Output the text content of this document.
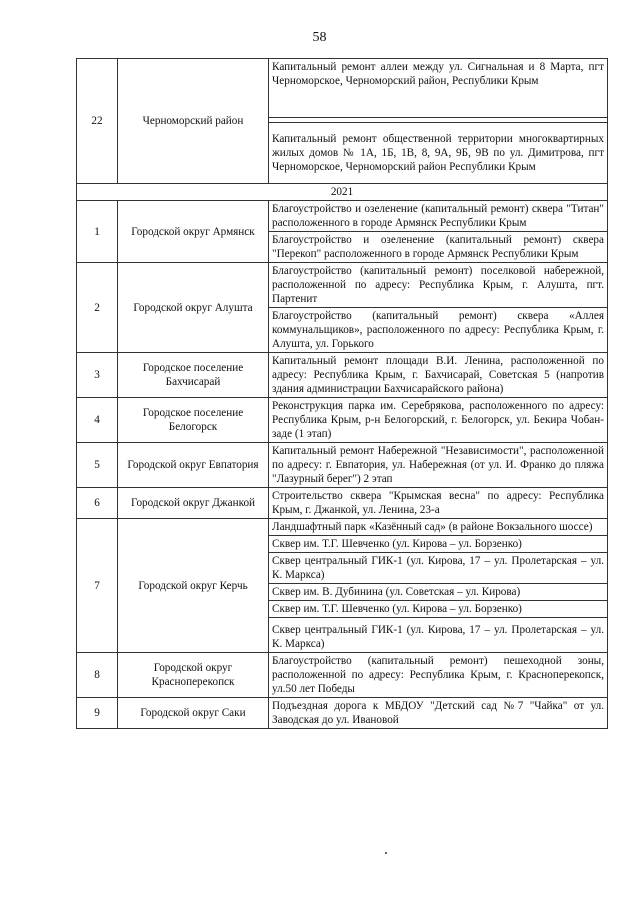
58
22	Черноморский район	Капитальный ремонт аллеи между ул. Сигнальная и 8 Марта, пгт Черноморское, Черноморский район, Республики Крым

		Капитальный ремонт общественной территории многоквартирных жилых домов № 1А, 1Б, 1В, 8, 9А, 9Б, 9В по ул. Димитрова, пгт Черноморское, Черноморский район Республики Крым
2021		
1	Городской округ Армянск	Благоустройство и озеленение (капитальный ремонт) сквера "Титан" расположенного в городе Армянск Республики Крым
		Благоустройство и озеленение (капитальный ремонт) сквера "Перекоп" расположенного в городе Армянск Республики Крым
2	Городской округ Алушта	Благоустройство (капитальный ремонт) поселковой набережной, расположенной по адресу: Республика Крым, г. Алушта, пгт. Партенит
		Благоустройство (капитальный ремонт) сквера «Аллея коммунальщиков», расположенного по адресу: Республика Крым, г. Алушта, ул. Горького
3	Городское поселение Бахчисарай	Капитальный ремонт площади В.И. Ленина, расположенной по адресу: Республика Крым, г. Бахчисарай, Советская 5 (напротив здания администрации Бахчисарайского района)
4	Городское поселение Белогорск	Реконструкция парка им. Серебрякова, расположенного по адресу: Республика Крым, р-н Белогорский, г. Белогорск, ул. Бекира Чобан-заде (1 этап)
5	Городской округ Евпатория	Капитальный ремонт Набережной "Независимости", расположенной по адресу: г. Евпатория, ул. Набережная (от ул. И. Франко до пляжа "Лазурный берег") 2 этап
6	Городской округ Джанкой	Строительство сквера "Крымская весна" по адресу: Республика Крым, г. Джанкой, ул. Ленина, 23-а
7	Городской округ Керчь	Ландшафтный парк «Казённый сад» (в районе Вокзального шоссе)
		Сквер им. Т.Г. Шевченко (ул. Кирова – ул. Борзенко)
		Сквер центральный ГИК-1 (ул. Кирова, 17 – ул. Пролетарская – ул. К. Маркса)
		Сквер им. В. Дубинина (ул. Советская – ул. Кирова)
		Сквер им. Т.Г. Шевченко (ул. Кирова – ул. Борзенко)
		Сквер центральный ГИК-1 (ул. Кирова, 17 – ул. Пролетарская – ул. К. Маркса)
8	Городской округ Красноперекопск	Благоустройство (капитальный ремонт) пешеходной зоны, расположенной по адресу: Республика Крым, г. Красноперекопск, ул.50 лет Победы
9	Городской округ Саки	Подъездная дорога к МБДОУ "Детский сад №7 "Чайка" от ул. Заводская до ул. Ивановой
